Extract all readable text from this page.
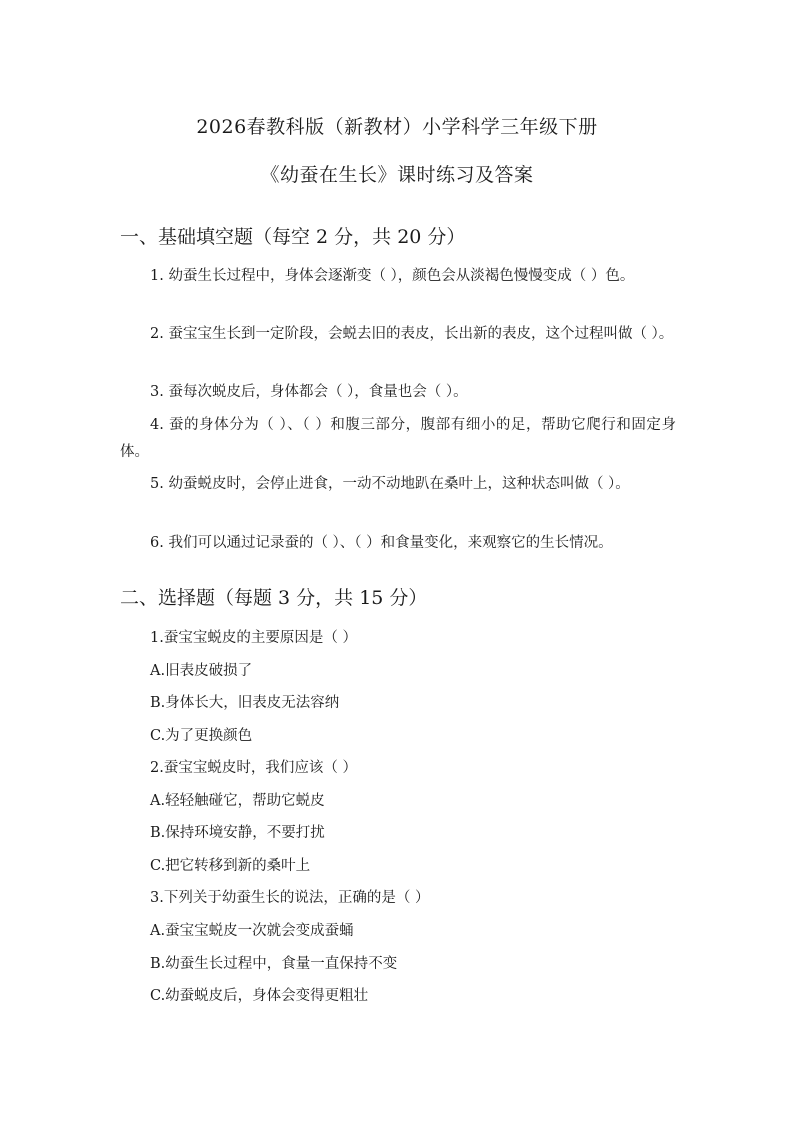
2026春教科版（新教材）小学科学三年级下册
《幼蚕在生长》课时练习及答案
一、基础填空题（每空 2 分，共 20 分）
1. 幼蚕生长过程中，身体会逐渐变（ ），颜色会从淡褐色慢慢变成（ ）色。
2. 蚕宝宝生长到一定阶段，会蜕去旧的表皮，长出新的表皮，这个过程叫做（ ）。
3. 蚕每次蜕皮后，身体都会（ ），食量也会（ ）。
4. 蚕的身体分为（ ）、（ ）和腹三部分，腹部有细小的足，帮助它爬行和固定身体。
5. 幼蚕蜕皮时，会停止进食，一动不动地趴在桑叶上，这种状态叫做（ ）。
6. 我们可以通过记录蚕的（ ）、（ ）和食量变化，来观察它的生长情况。
二、选择题（每题 3 分，共 15 分）
1.蚕宝宝蜕皮的主要原因是（ ）
A.旧表皮破损了
B.身体长大，旧表皮无法容纳
C.为了更换颜色
2.蚕宝宝蜕皮时，我们应该（ ）
A.轻轻触碰它，帮助它蜕皮
B.保持环境安静，不要打扰
C.把它转移到新的桑叶上
3.下列关于幼蚕生长的说法，正确的是（ ）
A.蚕宝宝蜕皮一次就会变成蚕蛹
B.幼蚕生长过程中，食量一直保持不变
C.幼蚕蜕皮后，身体会变得更粗壮
